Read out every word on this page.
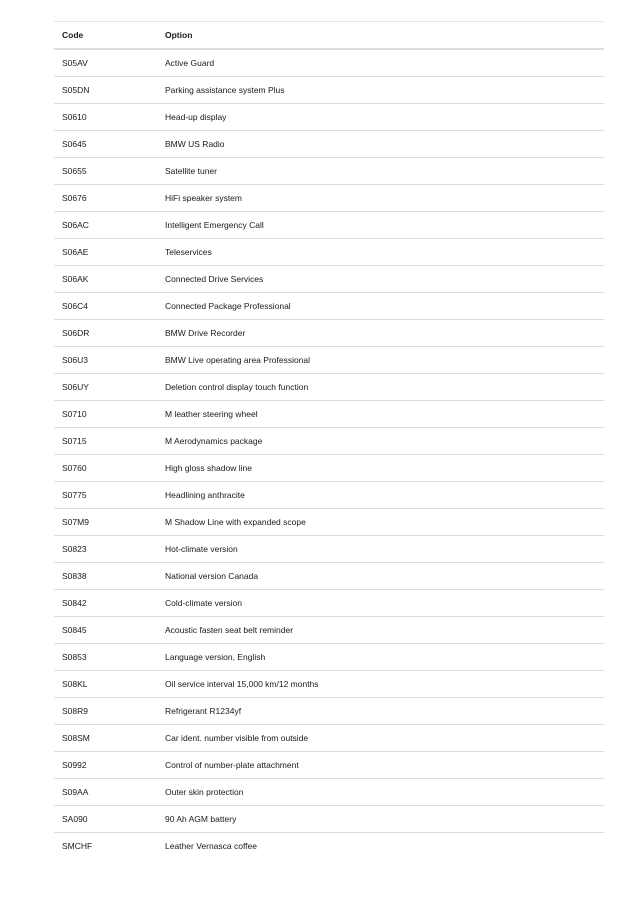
Code	Option
S05AV	Active Guard
S05DN	Parking assistance system Plus
S0610	Head-up display
S0645	BMW US Radio
S0655	Satellite tuner
S0676	HiFi speaker system
S06AC	Intelligent Emergency Call
S06AE	Teleservices
S06AK	Connected Drive Services
S06C4	Connected Package Professional
S06DR	BMW Drive Recorder
S06U3	BMW Live operating area Professional
S06UY	Deletion control display touch function
S0710	M leather steering wheel
S0715	M Aerodynamics package
S0760	High gloss shadow line
S0775	Headlining anthracite
S07M9	M Shadow Line with expanded scope
S0823	Hot-climate version
S0838	National version Canada
S0842	Cold-climate version
S0845	Acoustic fasten seat belt reminder
S0853	Language version, English
S08KL	Oil service interval 15,000 km/12 months
S08R9	Refrigerant R1234yf
S08SM	Car ident. number visible from outside
S0992	Control of number-plate attachment
S09AA	Outer skin protection
SA090	90 Ah AGM battery
SMCHF	Leather Vernasca coffee
